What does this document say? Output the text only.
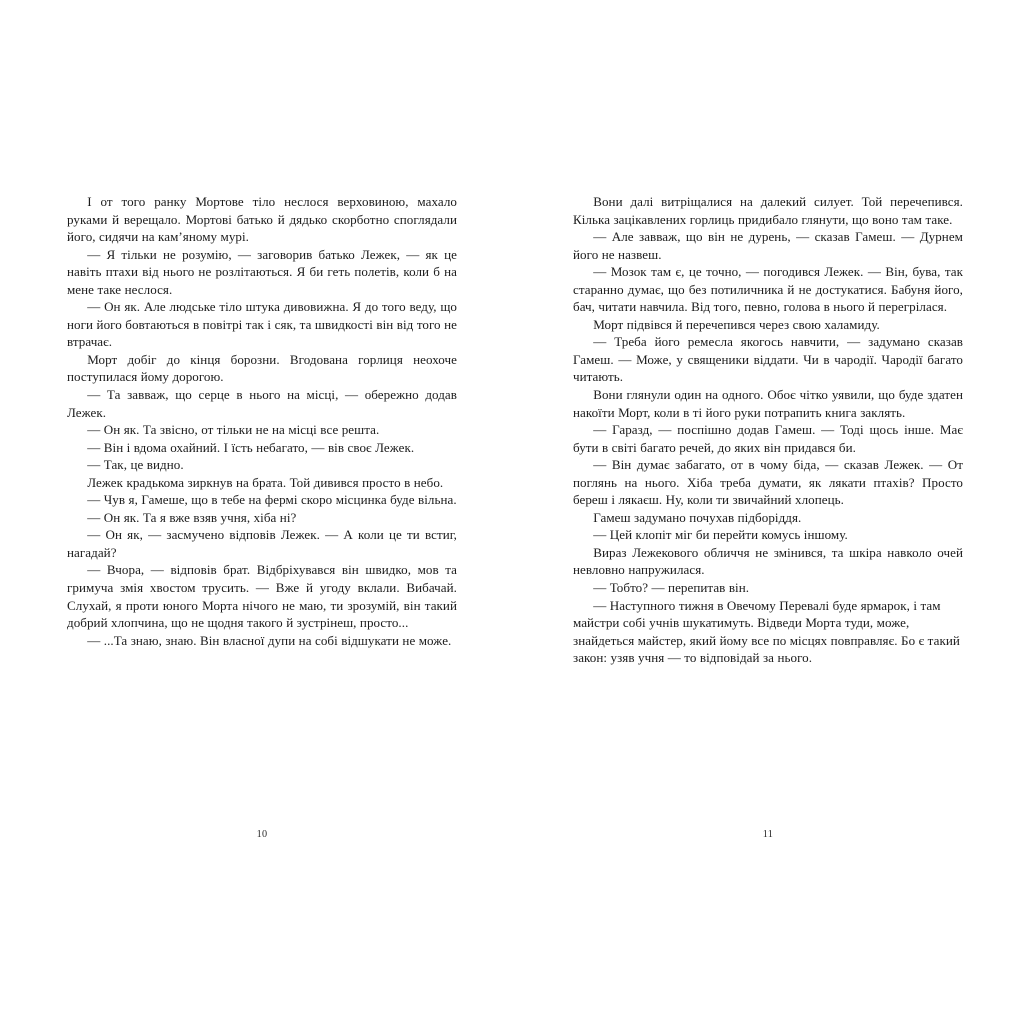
І от того ранку Мортове тіло неслося верховиною, махало руками й верещало. Мортові батько й дядько скорботно споглядали його, сидячи на кам’яному мурі.

— Я тільки не розумію, — заговорив батько Лежек, — як це навіть птахи від нього не розлітаються. Я би геть полетів, коли б на мене таке неслося.

— Он як. Але людське тіло штука дивовижна. Я до того веду, що ноги його бовтаються в повітрі так і сяк, та швидкості він від того не втрачає.

Морт добіг до кінця борозни. Вгодована горлиця неохоче поступилася йому дорогою.

— Та завваж, що серце в нього на місці, — обережно додав Лежек.

— Он як. Та звісно, от тільки не на місці все решта.

— Він і вдома охайний. І їсть небагато, — вів своє Лежек.

— Так, це видно.

Лежек крадькома зиркнув на брата. Той дивився просто в небо.

— Чув я, Гамеше, що в тебе на фермі скоро місцинка буде вільна.

— Он як. Та я вже взяв учня, хіба ні?

— Он як, — засмучено відповів Лежек. — А коли це ти встиг, нагадай?

— Вчора, — відповів брат. Відбріхувався він швидко, мов та гримуча змія хвостом трусить. — Вже й угоду вклали. Вибачай. Слухай, я проти юного Морта нічого не маю, ти зрозумій, він такий добрий хлопчина, що не щодня такого й зустрінеш, просто...

— ...Та знаю, знаю. Він власної дупи на собі відшукати не може.

10

Вони далі витріщалися на далекий силует. Той перечепився. Кілька зацікавлених горлиць придибало глянути, що воно там таке.

— Але завваж, що він не дурень, — сказав Гамеш. — Дурнем його не назвеш.

— Мозок там є, це точно, — погодився Лежек. — Він, бува, так старанно думає, що без потиличника й не достукатися. Бабуня його, бач, читати навчила. Від того, певно, голова в нього й перегрілася.

Морт підвівся й перечепився через свою халамиду.

— Треба його ремесла якогось навчити, — задумано сказав Гамеш. — Може, у священики віддати. Чи в чародії. Чародії багато читають.

Вони глянули один на одного. Обоє чітко уявили, що буде здатен накоїти Морт, коли в ті його руки потрапить книга заклять.

— Гаразд, — поспішно додав Гамеш. — Тоді щось інше. Має бути в світі багато речей, до яких він придався би.

— Він думає забагато, от в чому біда, — сказав Лежек. — От поглянь на нього. Хіба треба думати, як лякати птахів? Просто береш і лякаєш. Ну, коли ти звичайний хлопець.

Гамеш задумано почухав підборіддя.

— Цей клопіт міг би перейти комусь іншому.

Вираз Лежекового обличчя не змінився, та шкіра навколо очей невловно напружилася.

— Тобто? — перепитав він.

— Наступного тижня в Овечому Перевалі буде ярмарок, і там майстри собі учнів шукатимуть. Відведи Морта туди, може, знайдеться майстер, який йому все по місцях повправляє. Бо є такий закон: узяв учня — то відповідай за нього.

11
